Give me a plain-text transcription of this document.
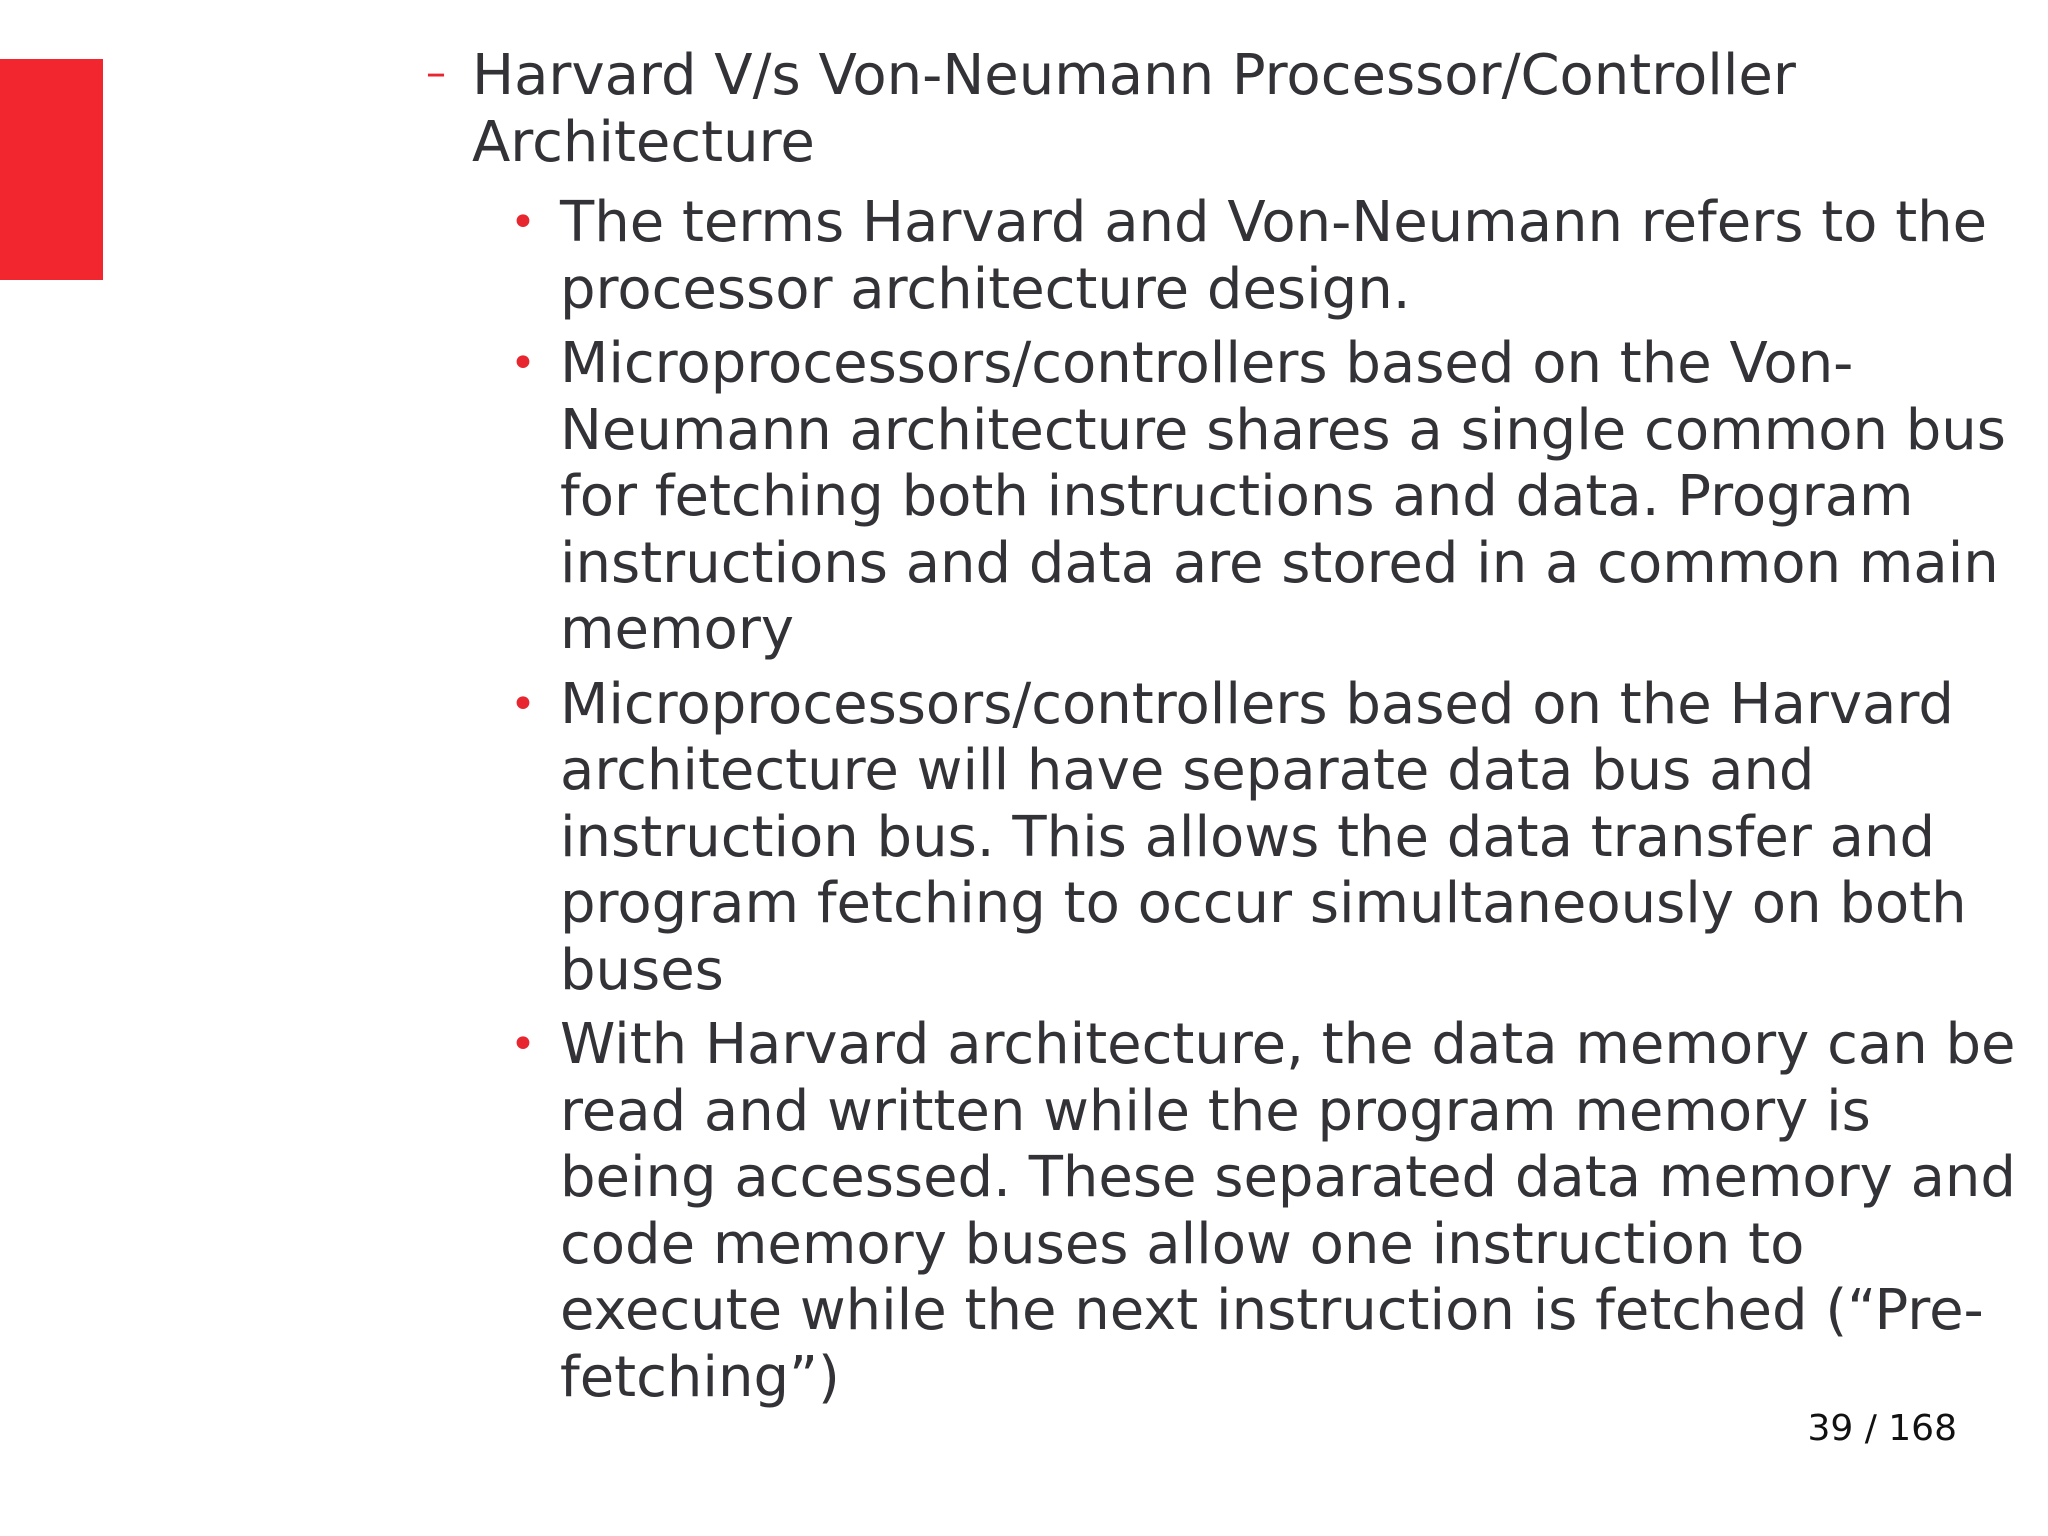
– Harvard V/s Von-Neumann Processor/Controller Architecture
• The terms Harvard and Von-Neumann refers to the processor architecture design.
• Microprocessors/controllers based on the Von-Neumann architecture shares a single common bus for fetching both instructions and data. Program instructions and data are stored in a common main memory
• Microprocessors/controllers based on the Harvard architecture will have separate data bus and instruction bus. This allows the data transfer and program fetching to occur simultaneously on both buses
• With Harvard architecture, the data memory can be read and written while the program memory is being accessed. These separated data memory and code memory buses allow one instruction to execute while the next instruction is fetched (“Pre-fetching”)
39 / 168
